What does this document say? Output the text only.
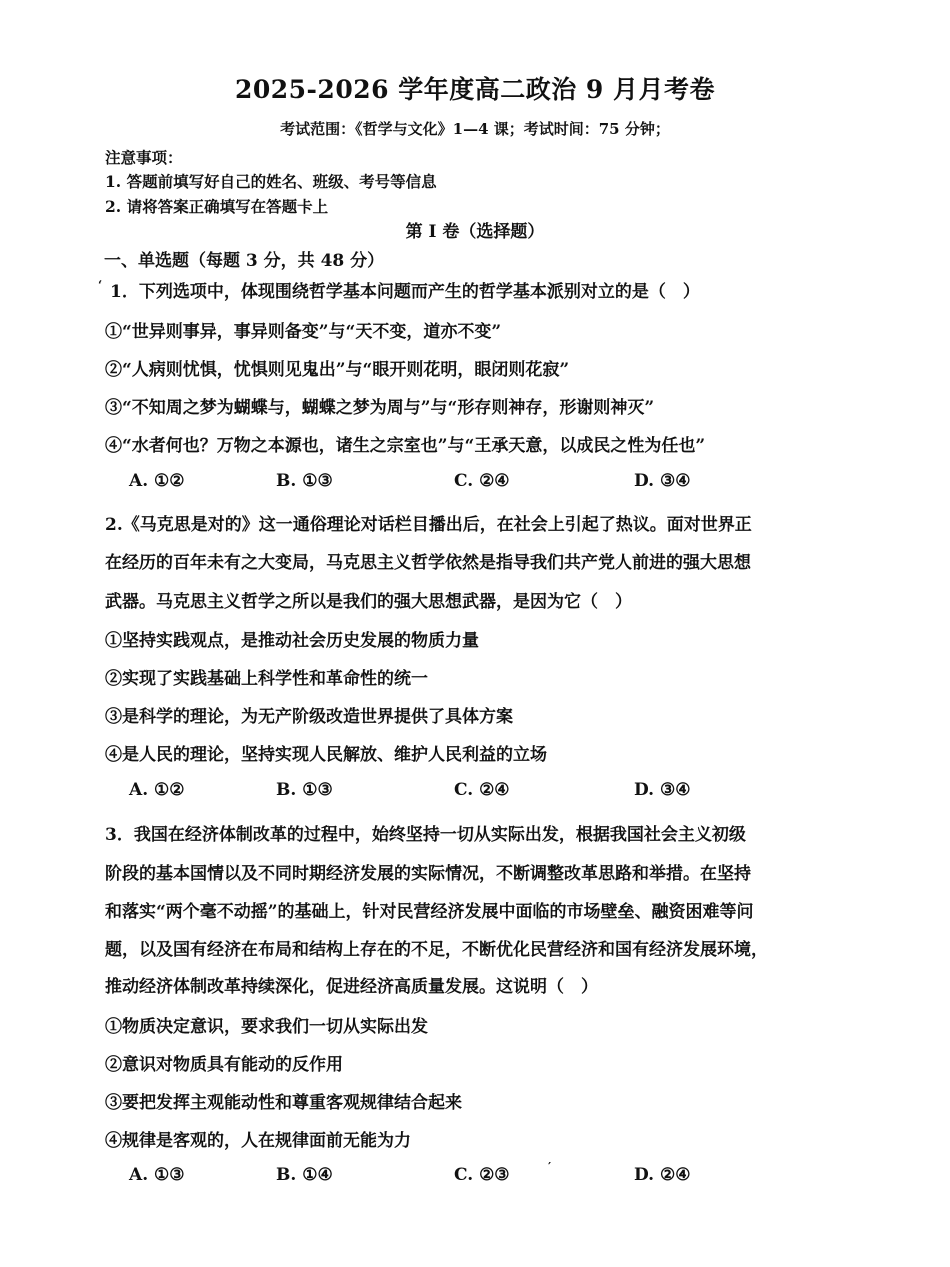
2025-2026 学年度高二政治 9 月月考卷
考试范围：《哲学与文化》1—4 课；考试时间：75 分钟；
注意事项：
1. 答题前填写好自己的姓名、班级、考号等信息
2. 请将答案正确填写在答题卡上
第 I 卷（选择题）
一、单选题（每题 3 分，共 48 分）
‘ 1．下列选项中，体现围绕哲学基本问题而产生的哲学基本派别对立的是（　）
①“世异则事异，事异则备变”与“天不变，道亦不变”
②“人病则忧惧，忧惧则见鬼出”与“眼开则花明，眼闭则花寂”
③“不知周之梦为蝴蝶与，蝴蝶之梦为周与”与“形存则神存，形谢则神灭”
④“水者何也？万物之本源也，诸生之宗室也”与“王承天意，以成民之性为任也”
A. ①②	B. ①③	C. ②④	D. ③④
2.《马克思是对的》这一通俗理论对话栏目播出后，在社会上引起了热议。面对世界正
在经历的百年未有之大变局，马克思主义哲学依然是指导我们共产党人前进的强大思想
武器。马克思主义哲学之所以是我们的强大思想武器，是因为它（　）
①坚持实践观点，是推动社会历史发展的物质力量
②实现了实践基础上科学性和革命性的统一
③是科学的理论，为无产阶级改造世界提供了具体方案
④是人民的理论，坚持实现人民解放、维护人民利益的立场
A. ①②	B. ①③	C. ②④	D. ③④
3．我国在经济体制改革的过程中，始终坚持一切从实际出发，根据我国社会主义初级
阶段的基本国情以及不同时期经济发展的实际情况，不断调整改革思路和举措。在坚持
和落实“两个毫不动摇”的基础上，针对民营经济发展中面临的市场壁垒、融资困难等问
题，以及国有经济在布局和结构上存在的不足，不断优化民营经济和国有经济发展环境，
推动经济体制改革持续深化，促进经济高质量发展。这说明（　）
①物质决定意识，要求我们一切从实际出发
②意识对物质具有能动的反作用
③要把发挥主观能动性和尊重客观规律结合起来
④规律是客观的，人在规律面前无能为力
A. ①③	B. ①④	C. ②③	D. ②④
′
